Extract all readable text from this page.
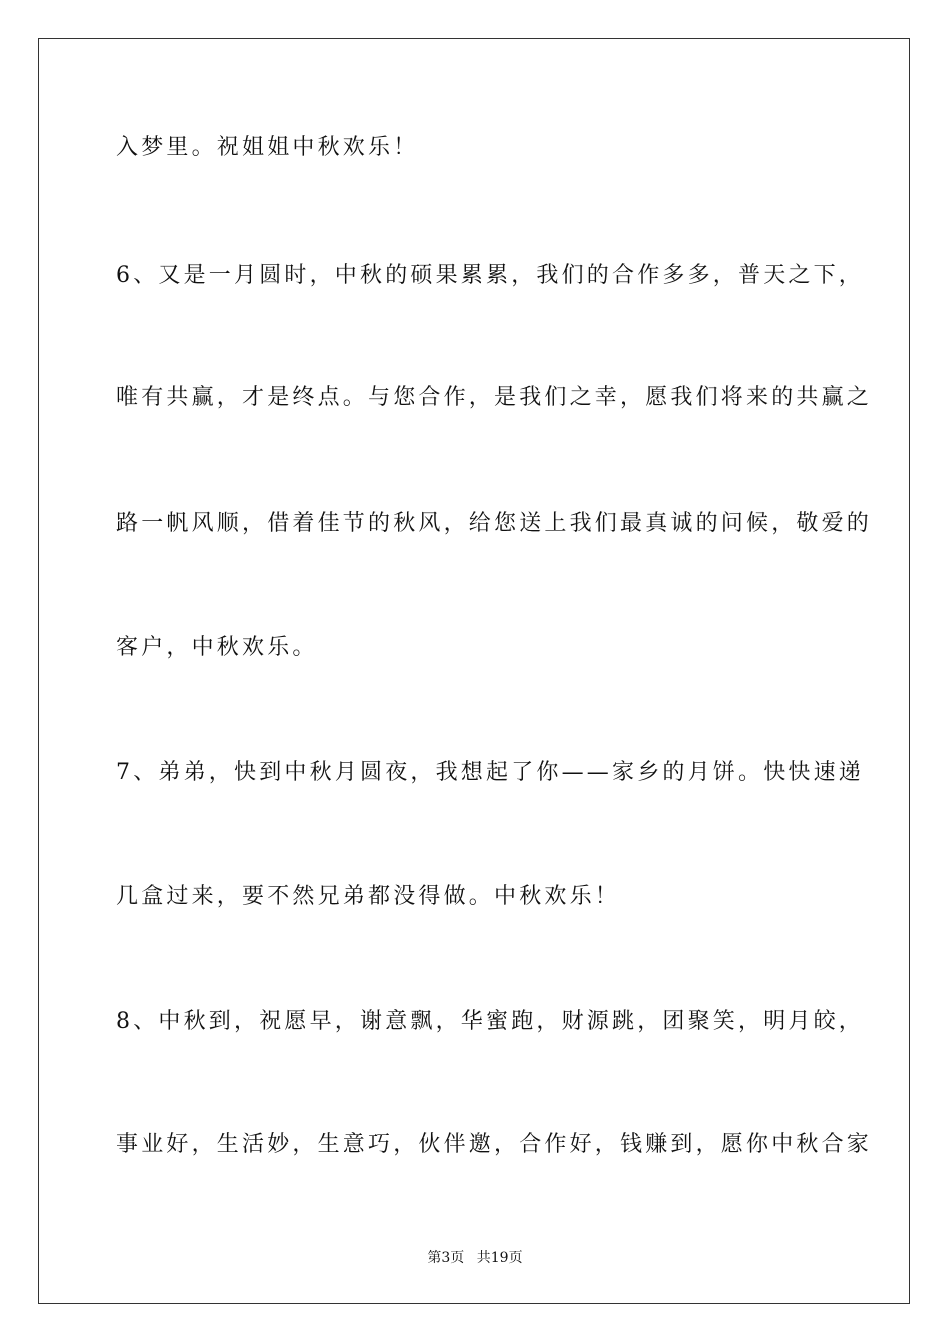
入梦里。祝姐姐中秋欢乐！
6、又是一月圆时，中秋的硕果累累，我们的合作多多，普天之下，
唯有共赢，才是终点。与您合作，是我们之幸，愿我们将来的共赢之
路一帆风顺，借着佳节的秋风，给您送上我们最真诚的问候，敬爱的
客户，中秋欢乐。
7、弟弟，快到中秋月圆夜，我想起了你——家乡的月饼。快快速递
几盒过来，要不然兄弟都没得做。中秋欢乐！
8、中秋到，祝愿早，谢意飘，华蜜跑，财源跳，团聚笑，明月皎，
事业好，生活妙，生意巧，伙伴邀，合作好，钱赚到，愿你中秋合家
第3页 共19页
